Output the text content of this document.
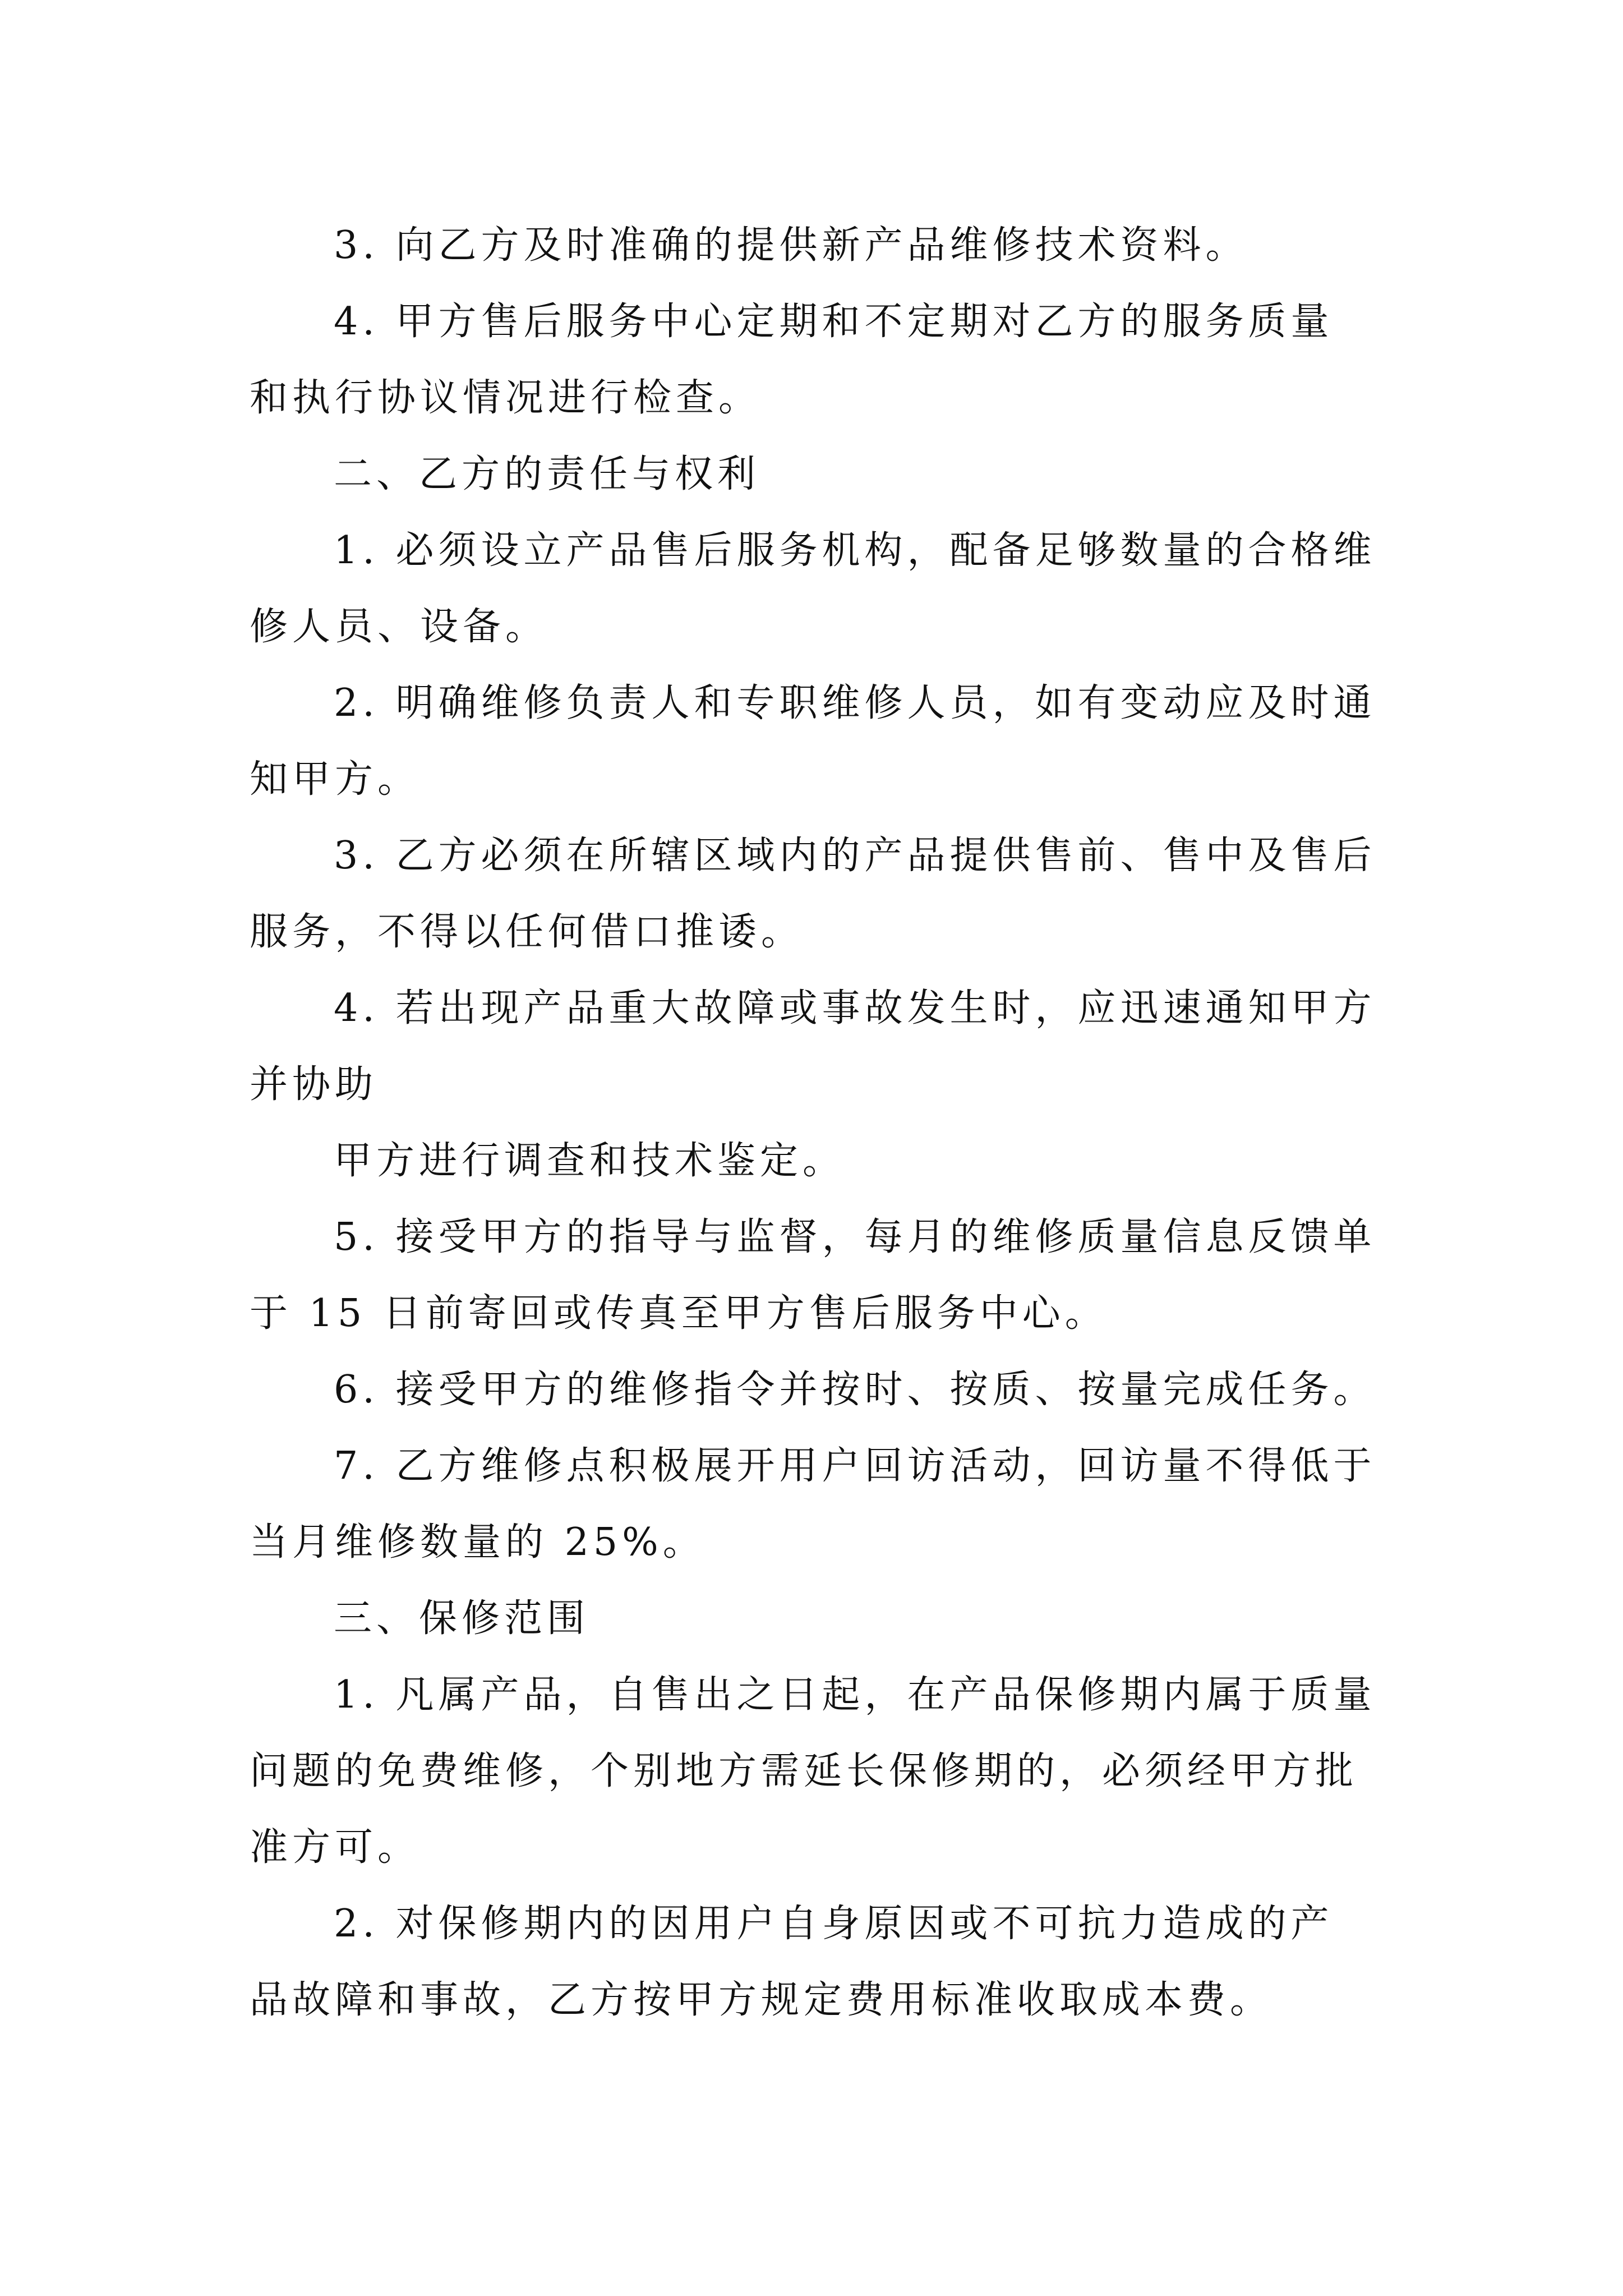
3. 向乙方及时准确的提供新产品维修技术资料。
4. 甲方售后服务中心定期和不定期对乙方的服务质量
和执行协议情况进行检查。
二、乙方的责任与权利
1. 必须设立产品售后服务机构，配备足够数量的合格维
修人员、设备。
2. 明确维修负责人和专职维修人员，如有变动应及时通
知甲方。
3. 乙方必须在所辖区域内的产品提供售前、售中及售后
服务，不得以任何借口推诿。
4. 若出现产品重大故障或事故发生时，应迅速通知甲方
并协助
甲方进行调查和技术鉴定。
5. 接受甲方的指导与监督，每月的维修质量信息反馈单
于 15 日前寄回或传真至甲方售后服务中心。
6. 接受甲方的维修指令并按时、按质、按量完成任务。
7. 乙方维修点积极展开用户回访活动，回访量不得低于
当月维修数量的 25%。
三、保修范围
1. 凡属产品，自售出之日起，在产品保修期内属于质量
问题的免费维修，个别地方需延长保修期的，必须经甲方批
准方可。
2. 对保修期内的因用户自身原因或不可抗力造成的产
品故障和事故，乙方按甲方规定费用标准收取成本费。
